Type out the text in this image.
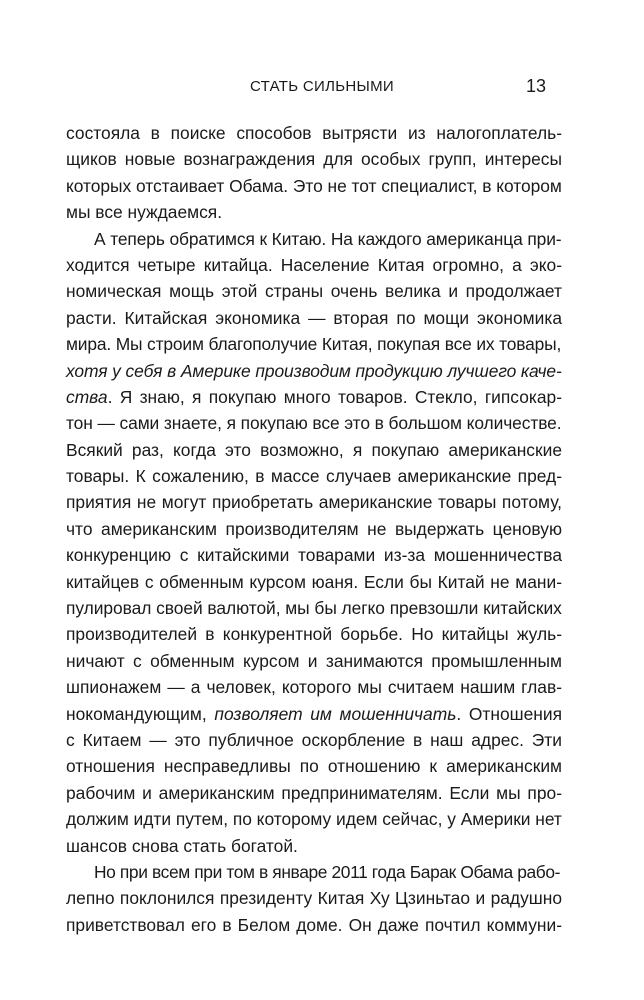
СТАТЬ СИЛЬНЫМИ	13
состояла в поиске способов вытрясти из налогоплатель-
щиков новые вознаграждения для особых групп, интересы
которых отстаивает Обама. Это не тот специалист, в котором
мы все нуждаемся.
А теперь обратимся к Китаю. На каждого американца при-
ходится четыре китайца. Население Китая огромно, а эко-
номическая мощь этой страны очень велика и продолжает
расти. Китайская экономика — вторая по мощи экономика
мира. Мы строим благополучие Китая, покупая все их товары,
хотя у себя в Америке производим продукцию лучшего каче-
ства. Я знаю, я покупаю много товаров. Стекло, гипсокар-
тон — сами знаете, я покупаю все это в большом количестве.
Всякий раз, когда это возможно, я покупаю американские
товары. К сожалению, в массе случаев американские пред-
приятия не могут приобретать американские товары потому,
что американским производителям не выдержать ценовую
конкуренцию с китайскими товарами из-за мошенничества
китайцев с обменным курсом юаня. Если бы Китай не мани-
пулировал своей валютой, мы бы легко превзошли китайских
производителей в конкурентной борьбе. Но китайцы жуль-
ничают с обменным курсом и занимаются промышленным
шпионажем — а человек, которого мы считаем нашим глав-
нокомандующим, позволяет им мошенничать. Отношения
с Китаем — это публичное оскорбление в наш адрес. Эти
отношения несправедливы по отношению к американским
рабочим и американским предпринимателям. Если мы про-
должим идти путем, по которому идем сейчас, у Америки нет
шансов снова стать богатой.
Но при всем при том в январе 2011 года Барак Обама рабо-
лепно поклонился президенту Китая Ху Цзиньтао и радушно
приветствовал его в Белом доме. Он даже почтил коммуни-
